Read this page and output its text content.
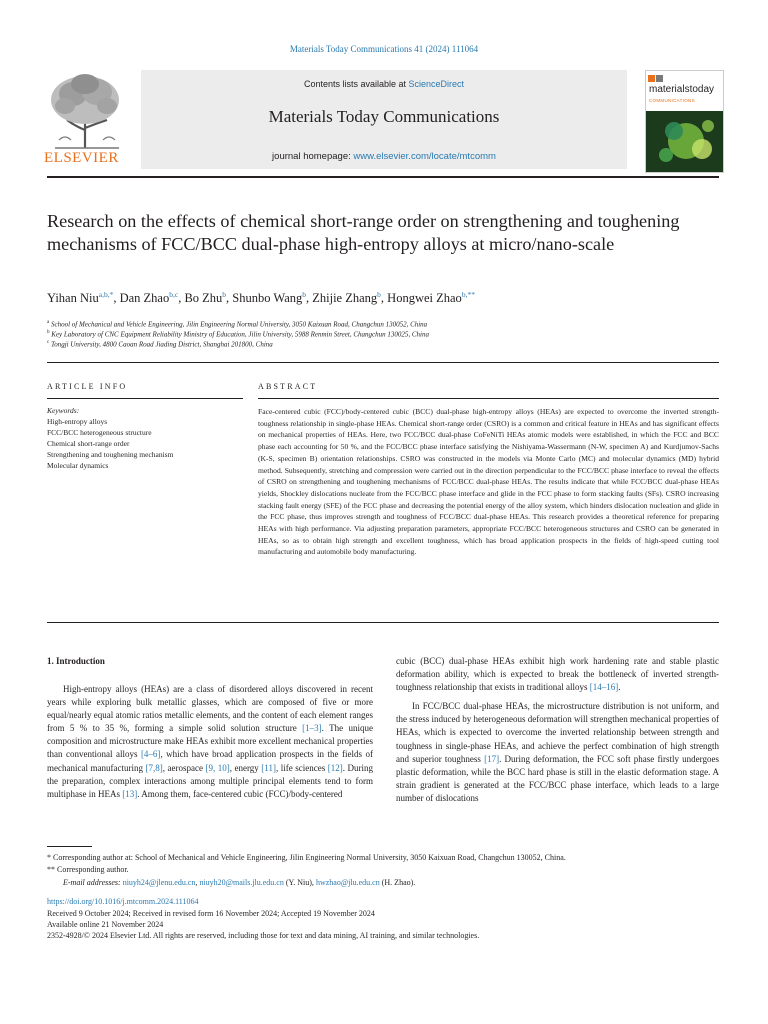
Materials Today Communications 41 (2024) 111064
ELSEVIER
Contents lists available at ScienceDirect
Materials Today Communications
journal homepage: www.elsevier.com/locate/mtcomm
materialstoday
COMMUNICATIONS
Research on the effects of chemical short-range order on strengthening and toughening mechanisms of FCC/BCC dual-phase high-entropy alloys at micro/nano-scale
Yihan Niu$^{a,b,*}$, Dan Zhao$^{b,c}$, Bo Zhu$^b$, Shunbo Wang$^b$, Zhijie Zhang$^b$, Hongwei Zhao$^{b,**}$
$^a$ School of Mechanical and Vehicle Engineering, Jilin Engineering Normal University, 3050 Kaixuan Road, Changchun 130052, China
$^b$ Key Laboratory of CNC Equipment Reliability Ministry of Education, Jilin University, 5988 Renmin Street, Changchun 130025, China
$^c$ Tongji University, 4800 Caoan Road Jiading District, Shanghai 201800, China
ARTICLE INFO
Keywords:
High-entropy alloys
FCC/BCC heterogeneous structure
Chemical short-range order
Strengthening and toughening mechanism
Molecular dynamics
ABSTRACT
Face-centered cubic (FCC)/body-centered cubic (BCC) dual-phase high-entropy alloys (HEAs) are expected to overcome the inverted strength-toughness relationship in single-phase HEAs. Chemical short-range order (CSRO) is a common and critical feature in HEAs and has significant effects on mechanical properties of HEAs. Here, two FCC/BCC dual-phase CoFeNiTi HEAs atomic models were established, in which the FCC and BCC phase each accounting for 50 %, and the FCC/BCC phase interface satisfying the Nishiyama-Wassermann (N-W, specimen A) and Kurdjumov-Sachs (K-S, specimen B) orientation relationships. CSRO was constructed in the models via Monte Carlo (MC) and molecular dynamics (MD) hybrid method. Subsequently, stretching and compression were carried out in the direction perpendicular to the FCC/BCC phase interface to reveal the effects of CSRO on strengthening and toughening mechanisms of FCC/BCC dual-phase HEAs. The results indicate that while FCC/BCC dual-phase HEAs yields, Shockley dislocations nucleate from the FCC/BCC phase interface and glide in the FCC phase to form stacking faults (SFs). CSRO increasing stacking fault energy (SFE) of the FCC phase and decreasing the potential energy of the alloy system, which hinders dislocation nucleation and glide in the FCC phase, thus improves strength and toughness of FCC/BCC dual-phase HEAs. This research provides a theoretical reference for preparing HEAs with high performance. Via adjusting preparation parameters, appropriate FCC/BCC heterogeneous structures and CSRO can be generated in HEAs, so as to obtain high strength and excellent toughness, which has broad application prospects in the fields of high-speed cutting tool manufacturing and automobile body manufacturing.
1. Introduction

High-entropy alloys (HEAs) are a class of disordered alloys discovered in recent years while exploring bulk metallic glasses, which are composed of five or more equal/nearly equal atomic ratios metallic elements, and the content of each element ranges from 5 % to 35 %, forming a simple solid solution structure [1–3]. The unique composition and microstructure make HEAs exhibit more excellent mechanical properties than conventional alloys [4–6], which have broad application prospects in the fields of mechanical manufacturing [7,8], aerospace [9, 10], energy [11], life sciences [12]. During the preparation, complex interactions among multiple principal elements tend to form multiphase in HEAs [13]. Among them, face-centered cubic (FCC)/body-centered

cubic (BCC) dual-phase HEAs exhibit high work hardening rate and stable plastic deformation ability, which is expected to break the bottleneck of inverted strength-toughness relationship that exists in traditional alloys [14–16].

In FCC/BCC dual-phase HEAs, the microstructure distribution is not uniform, and the stress induced by heterogeneous deformation will strengthen mechanical properties of HEAs, which is expected to overcome the inverted relationship between strength and toughness in single-phase HEAs, and achieve the perfect combination of high strength and superior toughness [17]. During deformation, the FCC soft phase firstly undergoes plastic deformation, while the BCC hard phase is still in the elastic deformation stage. A strain gradient is generated at the FCC/BCC phase interface, which leads to a large number of dislocations

* Corresponding author at: School of Mechanical and Vehicle Engineering, Jilin Engineering Normal University, 3050 Kaixuan Road, Changchun 130052, China.
** Corresponding author.
E-mail addresses: niuyh24@jlenu.edu.cn, niuyh20@mails.jlu.edu.cn (Y. Niu), hwzhao@jlu.edu.cn (H. Zhao).
https://doi.org/10.1016/j.mtcomm.2024.111064
Received 9 October 2024; Received in revised form 16 November 2024; Accepted 19 November 2024
Available online 21 November 2024
2352-4928/© 2024 Elsevier Ltd. All rights are reserved, including those for text and data mining, AI training, and similar technologies.
